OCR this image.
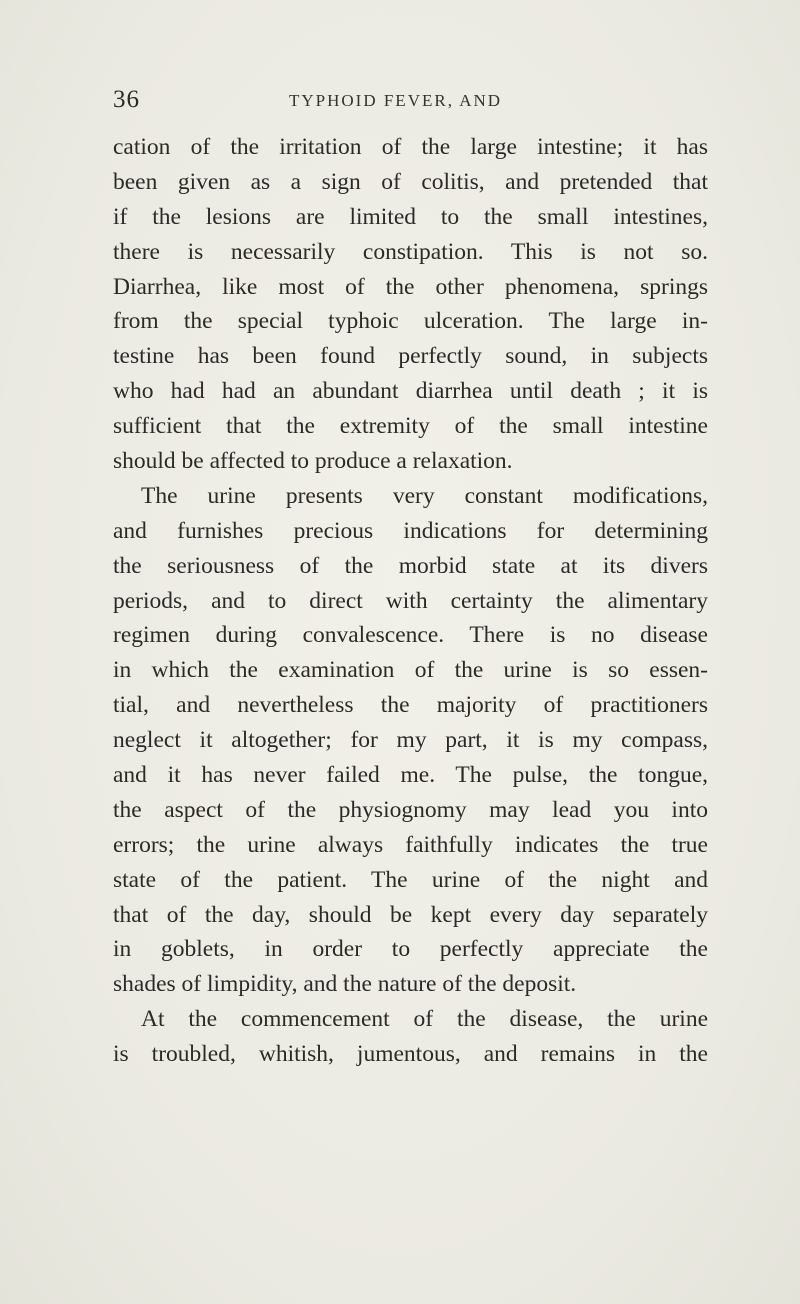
36	TYPHOID FEVER, AND
cation of the irritation of the large intestine; it has
been given as a sign of colitis, and pretended that
if the lesions are limited to the small intestines,
there is necessarily constipation. This is not so.
Diarrhea, like most of the other phenomena, springs
from the special typhoic ulceration. The large in-
testine has been found perfectly sound, in subjects
who had had an abundant diarrhea until death ; it is
sufficient that the extremity of the small intestine
should be affected to produce a relaxation.
The urine presents very constant modifications,
and furnishes precious indications for determining
the seriousness of the morbid state at its divers
periods, and to direct with certainty the alimentary
regimen during convalescence. There is no disease
in which the examination of the urine is so essen-
tial, and nevertheless the majority of practitioners
neglect it altogether; for my part, it is my compass,
and it has never failed me. The pulse, the tongue,
the aspect of the physiognomy may lead you into
errors; the urine always faithfully indicates the true
state of the patient. The urine of the night and
that of the day, should be kept every day separately
in goblets, in order to perfectly appreciate the
shades of limpidity, and the nature of the deposit.
At the commencement of the disease, the urine
is troubled, whitish, jumentous, and remains in the
